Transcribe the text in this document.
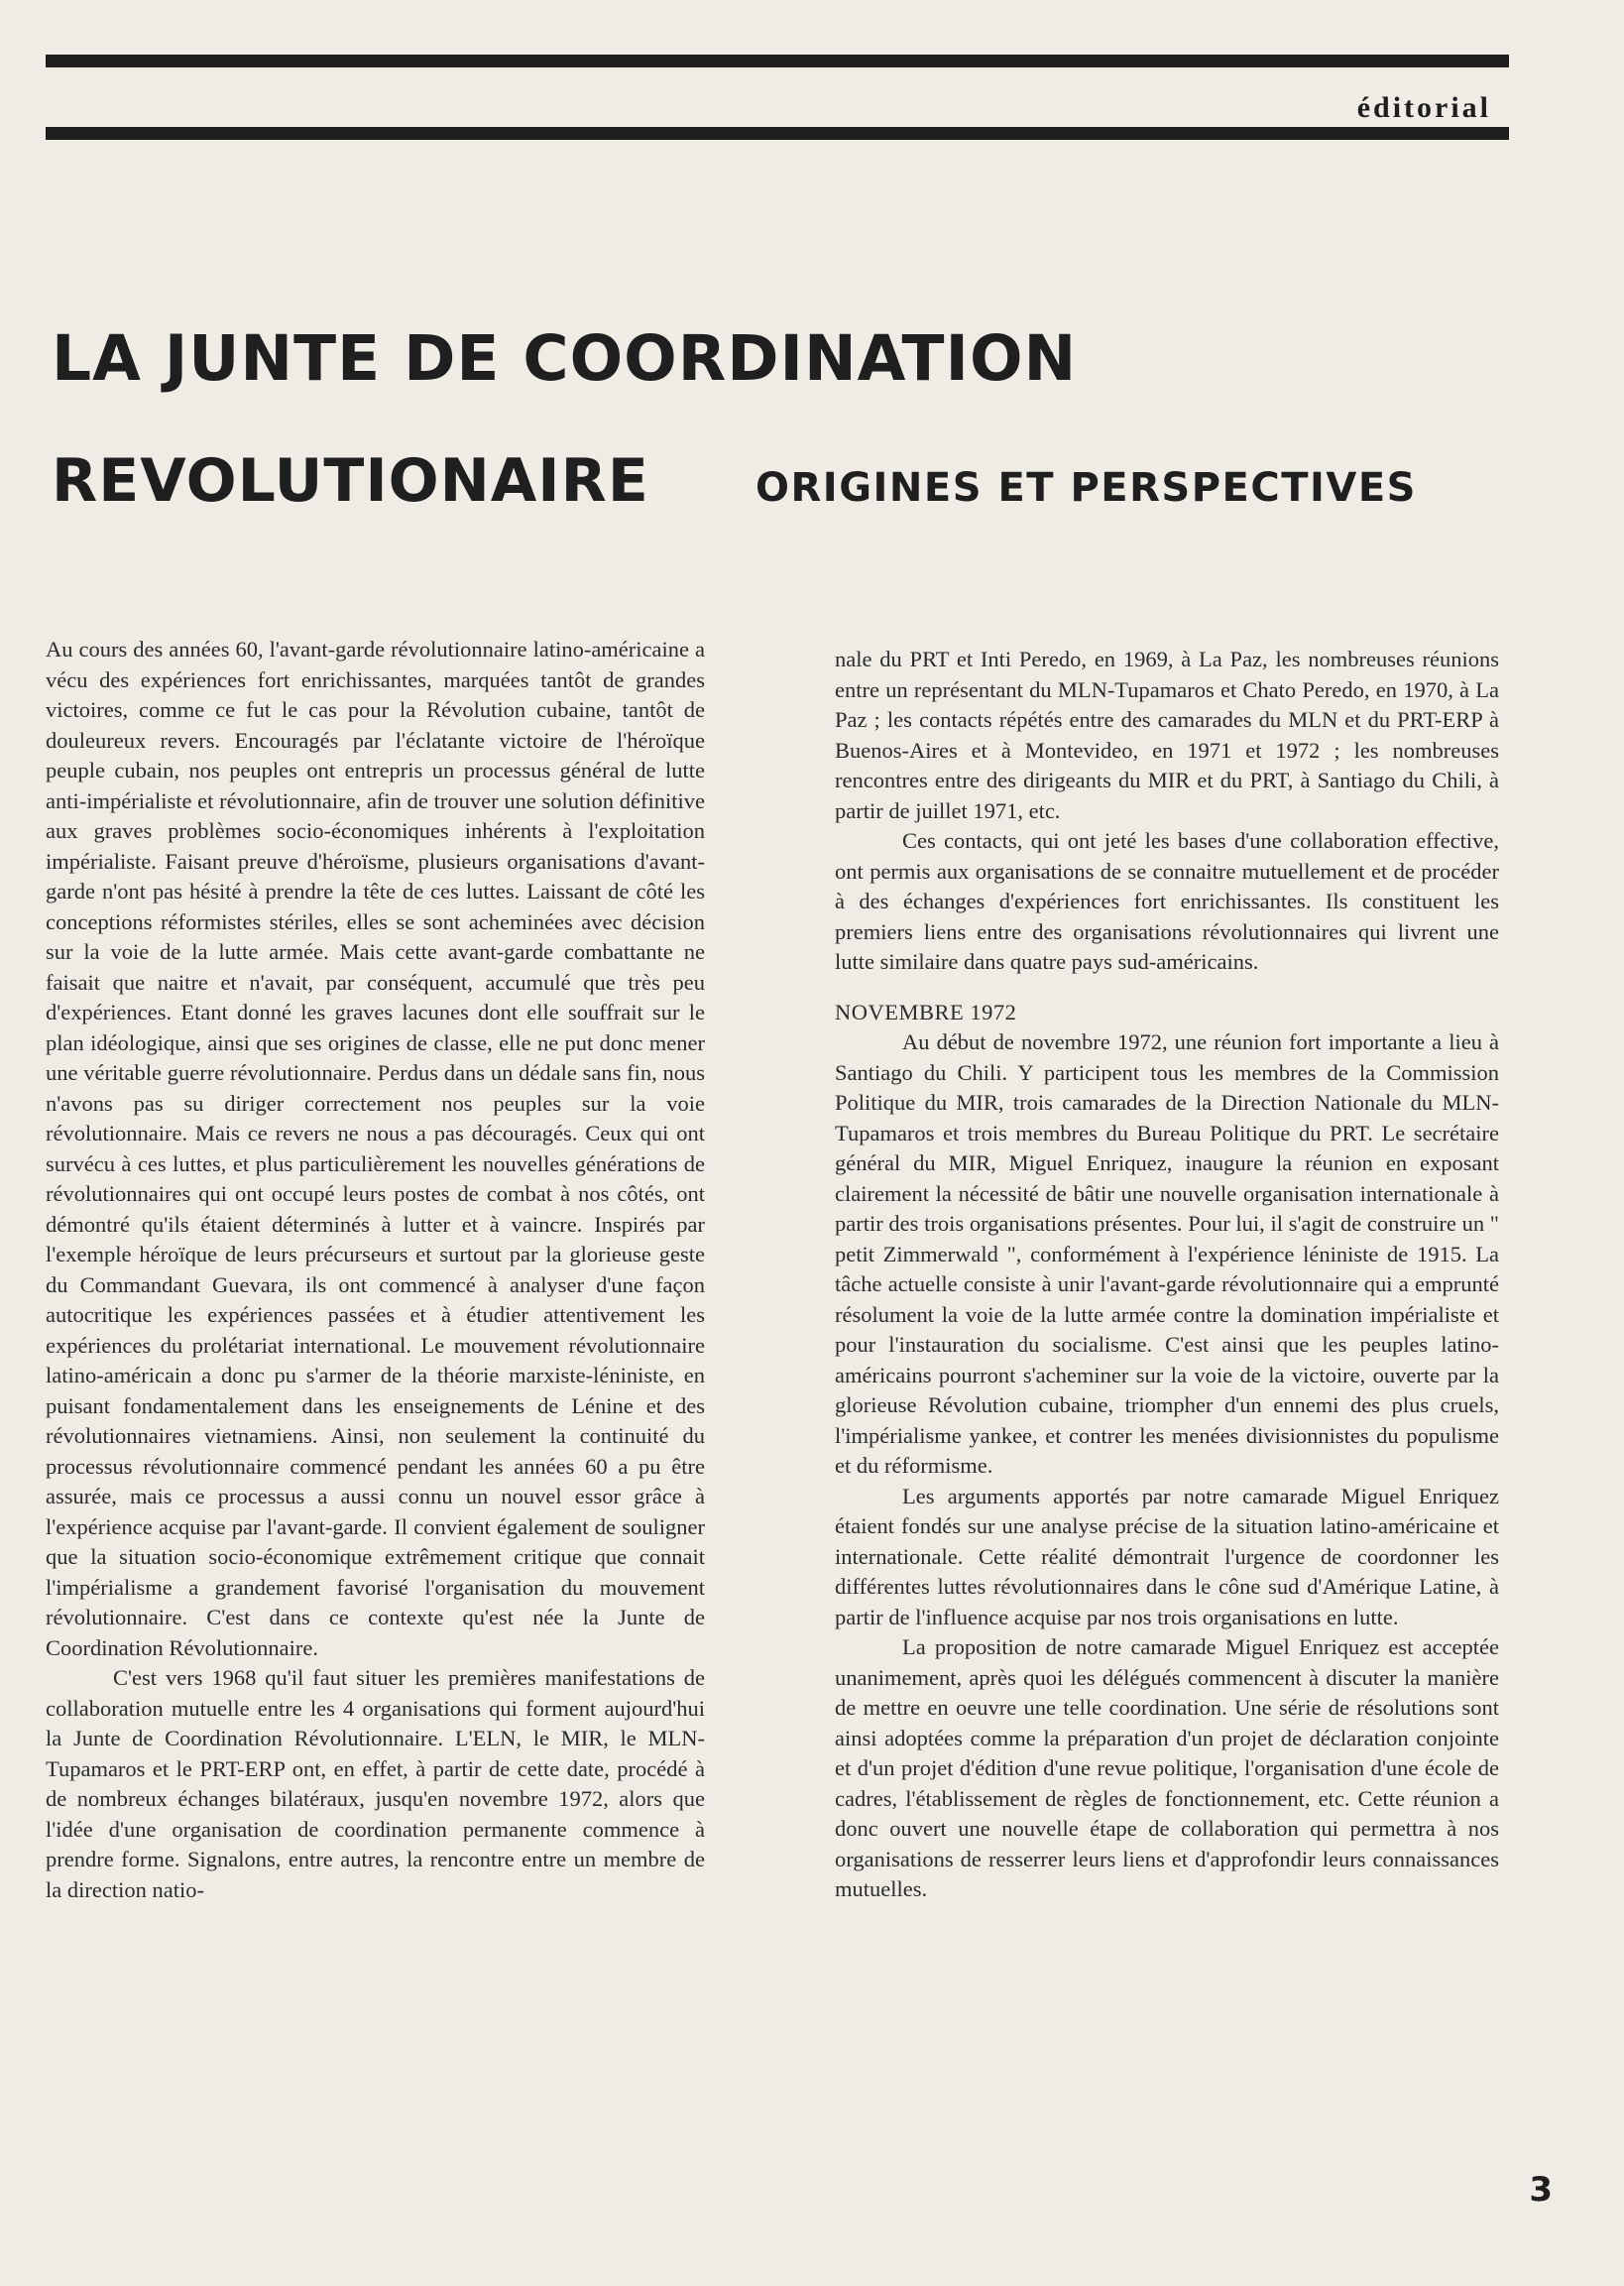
éditorial
LA JUNTE DE COORDINATION
REVOLUTIONAIRE	ORIGINES ET PERSPECTIVES

Au cours des années 60, l'avant-garde révolutionnaire latino-américaine a vécu des expériences fort enrichissantes, marquées tantôt de grandes victoires, comme ce fut le cas pour la Révolution cubaine, tantôt de douleureux revers. Encouragés par l'éclatante victoire de l'héroïque peuple cubain, nos peuples ont entrepris un processus général de lutte anti-impérialiste et révolutionnaire, afin de trouver une solution définitive aux graves problèmes socio-économiques inhérents à l'exploitation impérialiste. Faisant preuve d'héroïsme, plusieurs organisations d'avant-garde n'ont pas hésité à prendre la tête de ces luttes. Laissant de côté les conceptions réformistes stériles, elles se sont acheminées avec décision sur la voie de la lutte armée. Mais cette avant-garde combattante ne faisait que naitre et n'avait, par conséquent, accumulé que très peu d'expériences. Etant donné les graves lacunes dont elle souffrait sur le plan idéologique, ainsi que ses origines de classe, elle ne put donc mener une véritable guerre révolutionnaire. Perdus dans un dédale sans fin, nous n'avons pas su diriger correctement nos peuples sur la voie révolutionnaire. Mais ce revers ne nous a pas découragés. Ceux qui ont survécu à ces luttes, et plus particulièrement les nouvelles générations de révolutionnaires qui ont occupé leurs postes de combat à nos côtés, ont démontré qu'ils étaient déterminés à lutter et à vaincre. Inspirés par l'exemple héroïque de leurs précurseurs et surtout par la glorieuse geste du Commandant Guevara, ils ont commencé à analyser d'une façon autocritique les expériences passées et à étudier attentivement les expériences du prolétariat international. Le mouvement révolutionnaire latino-américain a donc pu s'armer de la théorie marxiste-léniniste, en puisant fondamentalement dans les enseignements de Lénine et des révolutionnaires vietnamiens. Ainsi, non seulement la continuité du processus révolutionnaire commencé pendant les années 60 a pu être assurée, mais ce processus a aussi connu un nouvel essor grâce à l'expérience acquise par l'avant-garde. Il convient également de souligner que la situation socio-économique extrêmement critique que connait l'impérialisme a grandement favorisé l'organisation du mouvement révolutionnaire. C'est dans ce contexte qu'est née la Junte de Coordination Révolutionnaire.

C'est vers 1968 qu'il faut situer les premières manifestations de collaboration mutuelle entre les 4 organisations qui forment aujourd'hui la Junte de Coordination Révolutionnaire. L'ELN, le MIR, le MLN-Tupamaros et le PRT-ERP ont, en effet, à partir de cette date, procédé à de nombreux échanges bilatéraux, jusqu'en novembre 1972, alors que l'idée d'une organisation de coordination permanente commence à prendre forme. Signalons, entre autres, la rencontre entre un membre de la direction natio-

nale du PRT et Inti Peredo, en 1969, à La Paz, les nombreuses réunions entre un représentant du MLN-Tupamaros et Chato Peredo, en 1970, à La Paz ; les contacts répétés entre des camarades du MLN et du PRT-ERP à Buenos-Aires et à Montevideo, en 1971 et 1972 ; les nombreuses rencontres entre des dirigeants du MIR et du PRT, à Santiago du Chili, à partir de juillet 1971, etc.

Ces contacts, qui ont jeté les bases d'une collaboration effective, ont permis aux organisations de se connaitre mutuellement et de procéder à des échanges d'expériences fort enrichissantes. Ils constituent les premiers liens entre des organisations révolutionnaires qui livrent une lutte similaire dans quatre pays sud-américains.

NOVEMBRE 1972

Au début de novembre 1972, une réunion fort importante a lieu à Santiago du Chili. Y participent tous les membres de la Commission Politique du MIR, trois camarades de la Direction Nationale du MLN-Tupamaros et trois membres du Bureau Politique du PRT. Le secrétaire général du MIR, Miguel Enriquez, inaugure la réunion en exposant clairement la nécessité de bâtir une nouvelle organisation internationale à partir des trois organisations présentes. Pour lui, il s'agit de construire un " petit Zimmerwald ", conformément à l'expérience léniniste de 1915. La tâche actuelle consiste à unir l'avant-garde révolutionnaire qui a emprunté résolument la voie de la lutte armée contre la domination impérialiste et pour l'instauration du socialisme. C'est ainsi que les peuples latino-américains pourront s'acheminer sur la voie de la victoire, ouverte par la glorieuse Révolution cubaine, triompher d'un ennemi des plus cruels, l'impérialisme yankee, et contrer les menées divisionnistes du populisme et du réformisme.

Les arguments apportés par notre camarade Miguel Enriquez étaient fondés sur une analyse précise de la situation latino-américaine et internationale. Cette réalité démontrait l'urgence de coordonner les différentes luttes révolutionnaires dans le cône sud d'Amérique Latine, à partir de l'influence acquise par nos trois organisations en lutte.

La proposition de notre camarade Miguel Enriquez est acceptée unanimement, après quoi les délégués commencent à discuter la manière de mettre en oeuvre une telle coordination. Une série de résolutions sont ainsi adoptées comme la préparation d'un projet de déclaration conjointe et d'un projet d'édition d'une revue politique, l'organisation d'une école de cadres, l'établissement de règles de fonctionnement, etc. Cette réunion a donc ouvert une nouvelle étape de collaboration qui permettra à nos organisations de resserrer leurs liens et d'approfondir leurs connaissances mutuelles.

3
